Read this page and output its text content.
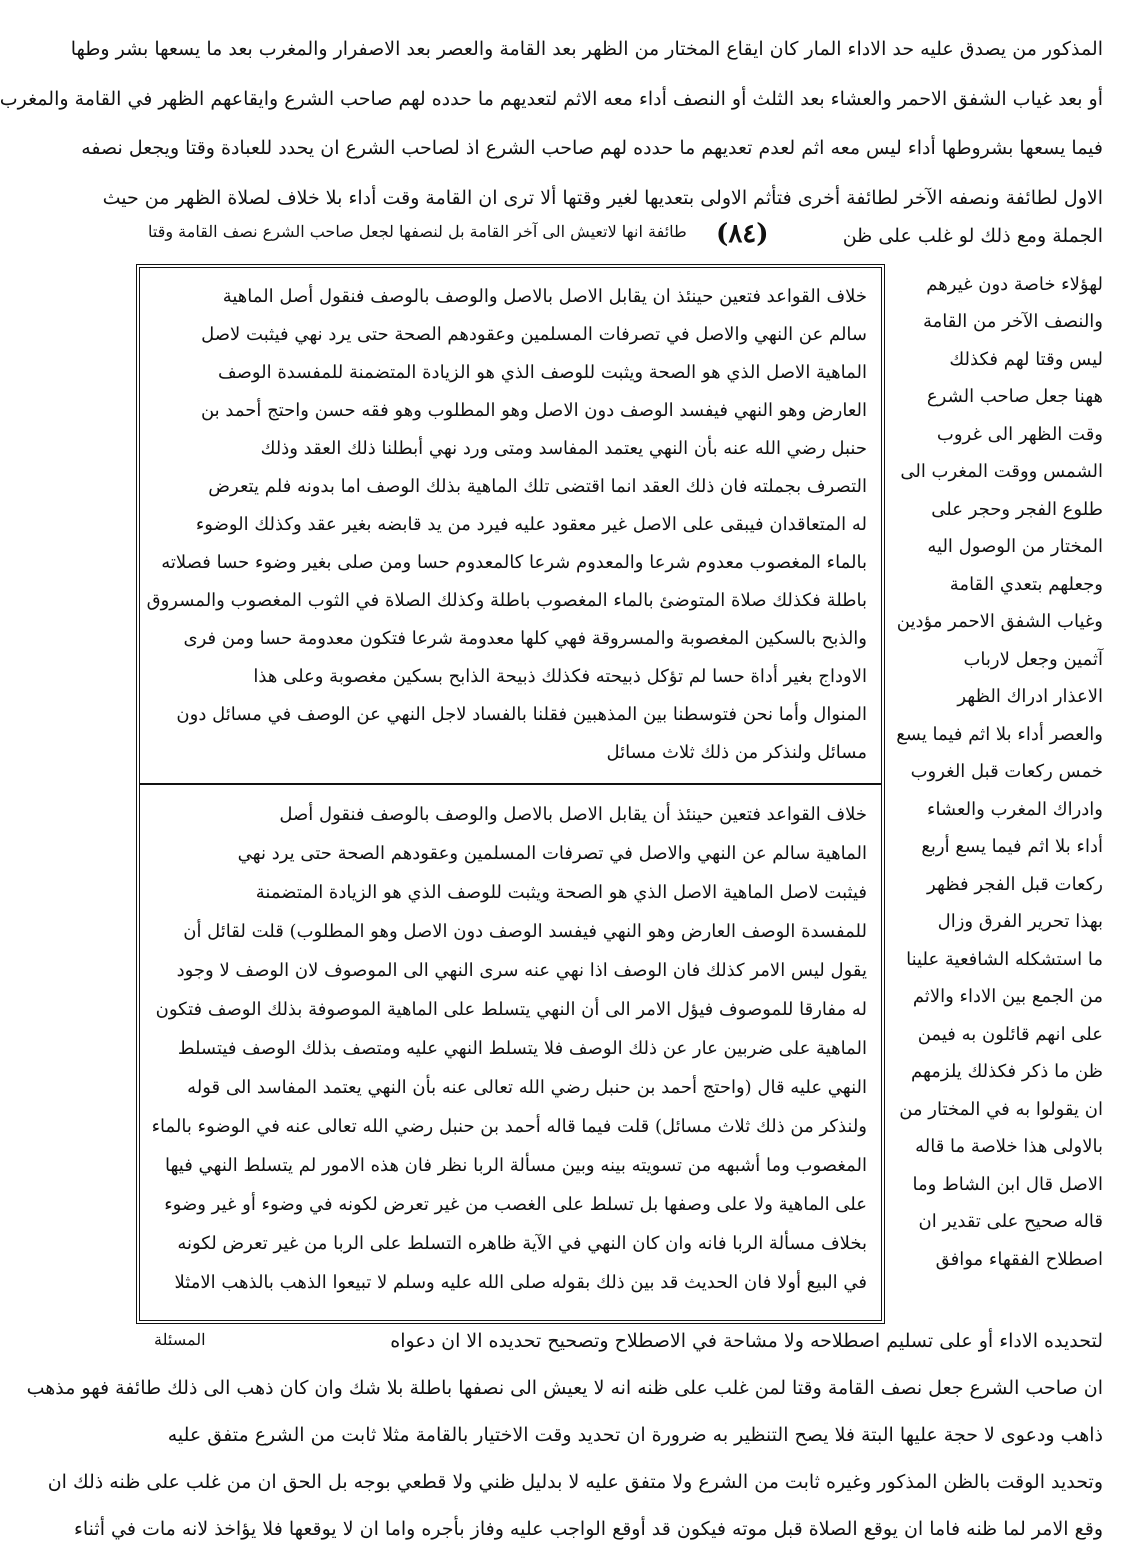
المذكور من يصدق عليه حد الاداء المار كان ايقاع المختار من الظهر بعد القامة والعصر بعد الاصفرار والمغرب بعد ما يسعها بشر وطها
أو بعد غياب الشفق الاحمر والعشاء بعد الثلث أو النصف أداء معه الاثم لتعديهم ما حدده لهم صاحب الشرع وايقاعهم الظهر في القامة والمغرب
فيما يسعها بشروطها أداء ليس معه اثم لعدم تعديهم ما حدده لهم صاحب الشرع اذ لصاحب الشرع ان يحدد للعبادة وقتا ويجعل نصفه
الاول لطائفة ونصفه الآخر لطائفة أخرى فتأثم الاولى بتعديها لغير وقتها ألا ترى ان القامة وقت أداء بلا خلاف لصلاة الظهر من حيث
الجملة ومع ذلك لو غلب على ظن
(٨٤)
طائفة انها لاتعيش الى آخر القامة بل لنصفها لجعل صاحب الشرع نصف القامة وقتا
لهؤلاء خاصة دون غيرهم
والنصف الآخر من القامة
ليس وقتا لهم فكذلك
ههنا جعل صاحب الشرع
وقت الظهر الى غروب
الشمس ووقت المغرب الى
طلوع الفجر وحجر على
المختار من الوصول اليه
وجعلهم بتعدي القامة
وغياب الشفق الاحمر مؤدين
آثمين وجعل لارباب
الاعذار ادراك الظهر
والعصر أداء بلا اثم فيما يسع
خمس ركعات قبل الغروب
وادراك المغرب والعشاء
أداء بلا اثم فيما يسع أربع
ركعات قبل الفجر فظهر
بهذا تحرير الفرق وزال
ما استشكله الشافعية علينا
من الجمع بين الاداء والاثم
على انهم قائلون به فيمن
ظن ما ذكر فكذلك يلزمهم
ان يقولوا به في المختار من
بالاولى هذا خلاصة ما قاله
الاصل قال ابن الشاط وما
قاله صحيح على تقدير ان
اصطلاح الفقهاء موافق
خلاف القواعد فتعين حينئذ ان يقابل الاصل بالاصل والوصف بالوصف فنقول أصل الماهية
سالم عن النهي والاصل في تصرفات المسلمين وعقودهم الصحة حتى يرد نهي فيثبت لاصل
الماهية الاصل الذي هو الصحة ويثبت للوصف الذي هو الزيادة المتضمنة للمفسدة الوصف
العارض وهو النهي فيفسد الوصف دون الاصل وهو المطلوب وهو فقه حسن واحتج أحمد بن
حنبل رضي الله عنه بأن النهي يعتمد المفاسد ومتى ورد نهي أبطلنا ذلك العقد وذلك
التصرف بجملته فان ذلك العقد انما اقتضى تلك الماهية بذلك الوصف اما بدونه فلم يتعرض
له المتعاقدان فيبقى على الاصل غير معقود عليه فيرد من يد قابضه بغير عقد وكذلك الوضوء
بالماء المغصوب معدوم شرعا والمعدوم شرعا كالمعدوم حسا ومن صلى بغير وضوء حسا فصلاته
باطلة فكذلك صلاة المتوضئ بالماء المغصوب باطلة وكذلك الصلاة في الثوب المغصوب والمسروق
والذبح بالسكين المغصوبة والمسروقة فهي كلها معدومة شرعا فتكون معدومة حسا ومن فرى
الاوداج بغير أداة حسا لم تؤكل ذبيحته فكذلك ذبيحة الذابح بسكين مغصوبة وعلى هذا
المنوال وأما نحن فتوسطنا بين المذهبين فقلنا بالفساد لاجل النهي عن الوصف في مسائل دون
مسائل ولنذكر من ذلك ثلاث مسائل
خلاف القواعد فتعين حينئذ أن يقابل الاصل بالاصل والوصف بالوصف فنقول أصل
الماهية سالم عن النهي والاصل في تصرفات المسلمين وعقودهم الصحة حتى يرد نهي
فيثبت لاصل الماهية الاصل الذي هو الصحة ويثبت للوصف الذي هو الزيادة المتضمنة
للمفسدة الوصف العارض وهو النهي فيفسد الوصف دون الاصل وهو المطلوب) قلت لقائل أن
يقول ليس الامر كذلك فان الوصف اذا نهي عنه سرى النهي الى الموصوف لان الوصف لا وجود
له مفارقا للموصوف فيؤل الامر الى أن النهي يتسلط على الماهية الموصوفة بذلك الوصف فتكون
الماهية على ضربين عار عن ذلك الوصف فلا يتسلط النهي عليه ومتصف بذلك الوصف فيتسلط
النهي عليه قال (واحتج أحمد بن حنبل رضي الله تعالى عنه بأن النهي يعتمد المفاسد الى قوله
ولنذكر من ذلك ثلاث مسائل) قلت فيما قاله أحمد بن حنبل رضي الله تعالى عنه في الوضوء بالماء
المغصوب وما أشبهه من تسويته بينه وبين مسألة الربا نظر فان هذه الامور لم يتسلط النهي فيها
على الماهية ولا على وصفها بل تسلط على الغصب من غير تعرض لكونه في وضوء أو غير وضوء
بخلاف مسألة الربا فانه وان كان النهي في الآية ظاهره التسلط على الربا من غير تعرض لكونه
في البيع أولا فان الحديث قد بين ذلك بقوله صلى الله عليه وسلم لا تبيعوا الذهب بالذهب الامثلا
المسئلة	لتحديده الاداء أو على تسليم اصطلاحه ولا مشاحة في الاصطلاح وتصحيح تحديده الا ان دعواه
ان صاحب الشرع جعل نصف القامة وقتا لمن غلب على ظنه انه لا يعيش الى نصفها باطلة بلا شك وان كان ذهب الى ذلك طائفة فهو مذهب
ذاهب ودعوى لا حجة عليها البتة فلا يصح التنظير به ضرورة ان تحديد وقت الاختيار بالقامة مثلا ثابت من الشرع متفق عليه
وتحديد الوقت بالظن المذكور وغيره ثابت من الشرع ولا متفق عليه لا بدليل ظني ولا قطعي بوجه بل الحق ان من غلب على ظنه ذلك ان
وقع الامر لما ظنه فاما ان يوقع الصلاة قبل موته فيكون قد أوقع الواجب عليه وفاز بأجره واما ان لا يوقعها فلا يؤاخذ لانه مات في أثناء
